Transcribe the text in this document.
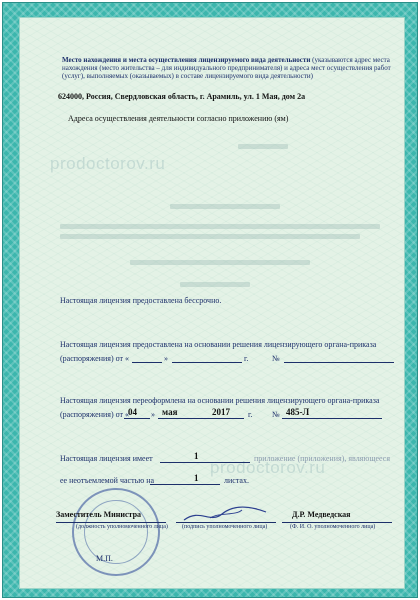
prodoctorov.ru
prodoctorov.ru
Место нахождения и места осуществления лицензируемого вида деятельности (указываются адрес места нахождения (место жительства – для индивидуального предпринимателя) и адреса мест осуществления работ (услуг), выполняемых (оказываемых) в составе лицензируемого вида деятельности)
624000, Россия, Свердловская область, г. Арамиль, ул. 1 Мая, дом 2а
Адреса осуществления деятельности согласно приложению (ям)
Настоящая лицензия предоставлена бессрочно.
Настоящая лицензия предоставлена на основании решения лицензирующего органа-приказа
(распоряжения) от «	»	г.	№
Настоящая лицензия переоформлена на основании решения лицензирующего органа-приказа
(распоряжения) от « 04 » мая	2017 г. № 485-Л
Настоящая лицензия имеет	1	приложение (приложения), являющееся
ее неотъемлемой частью на	1	листах.
Заместитель Министра
(должность уполномоченного лица) (подпись уполномоченного лица)
Д.Р. Медведская
(Ф. И. О. уполномоченного лица)
М.П.
